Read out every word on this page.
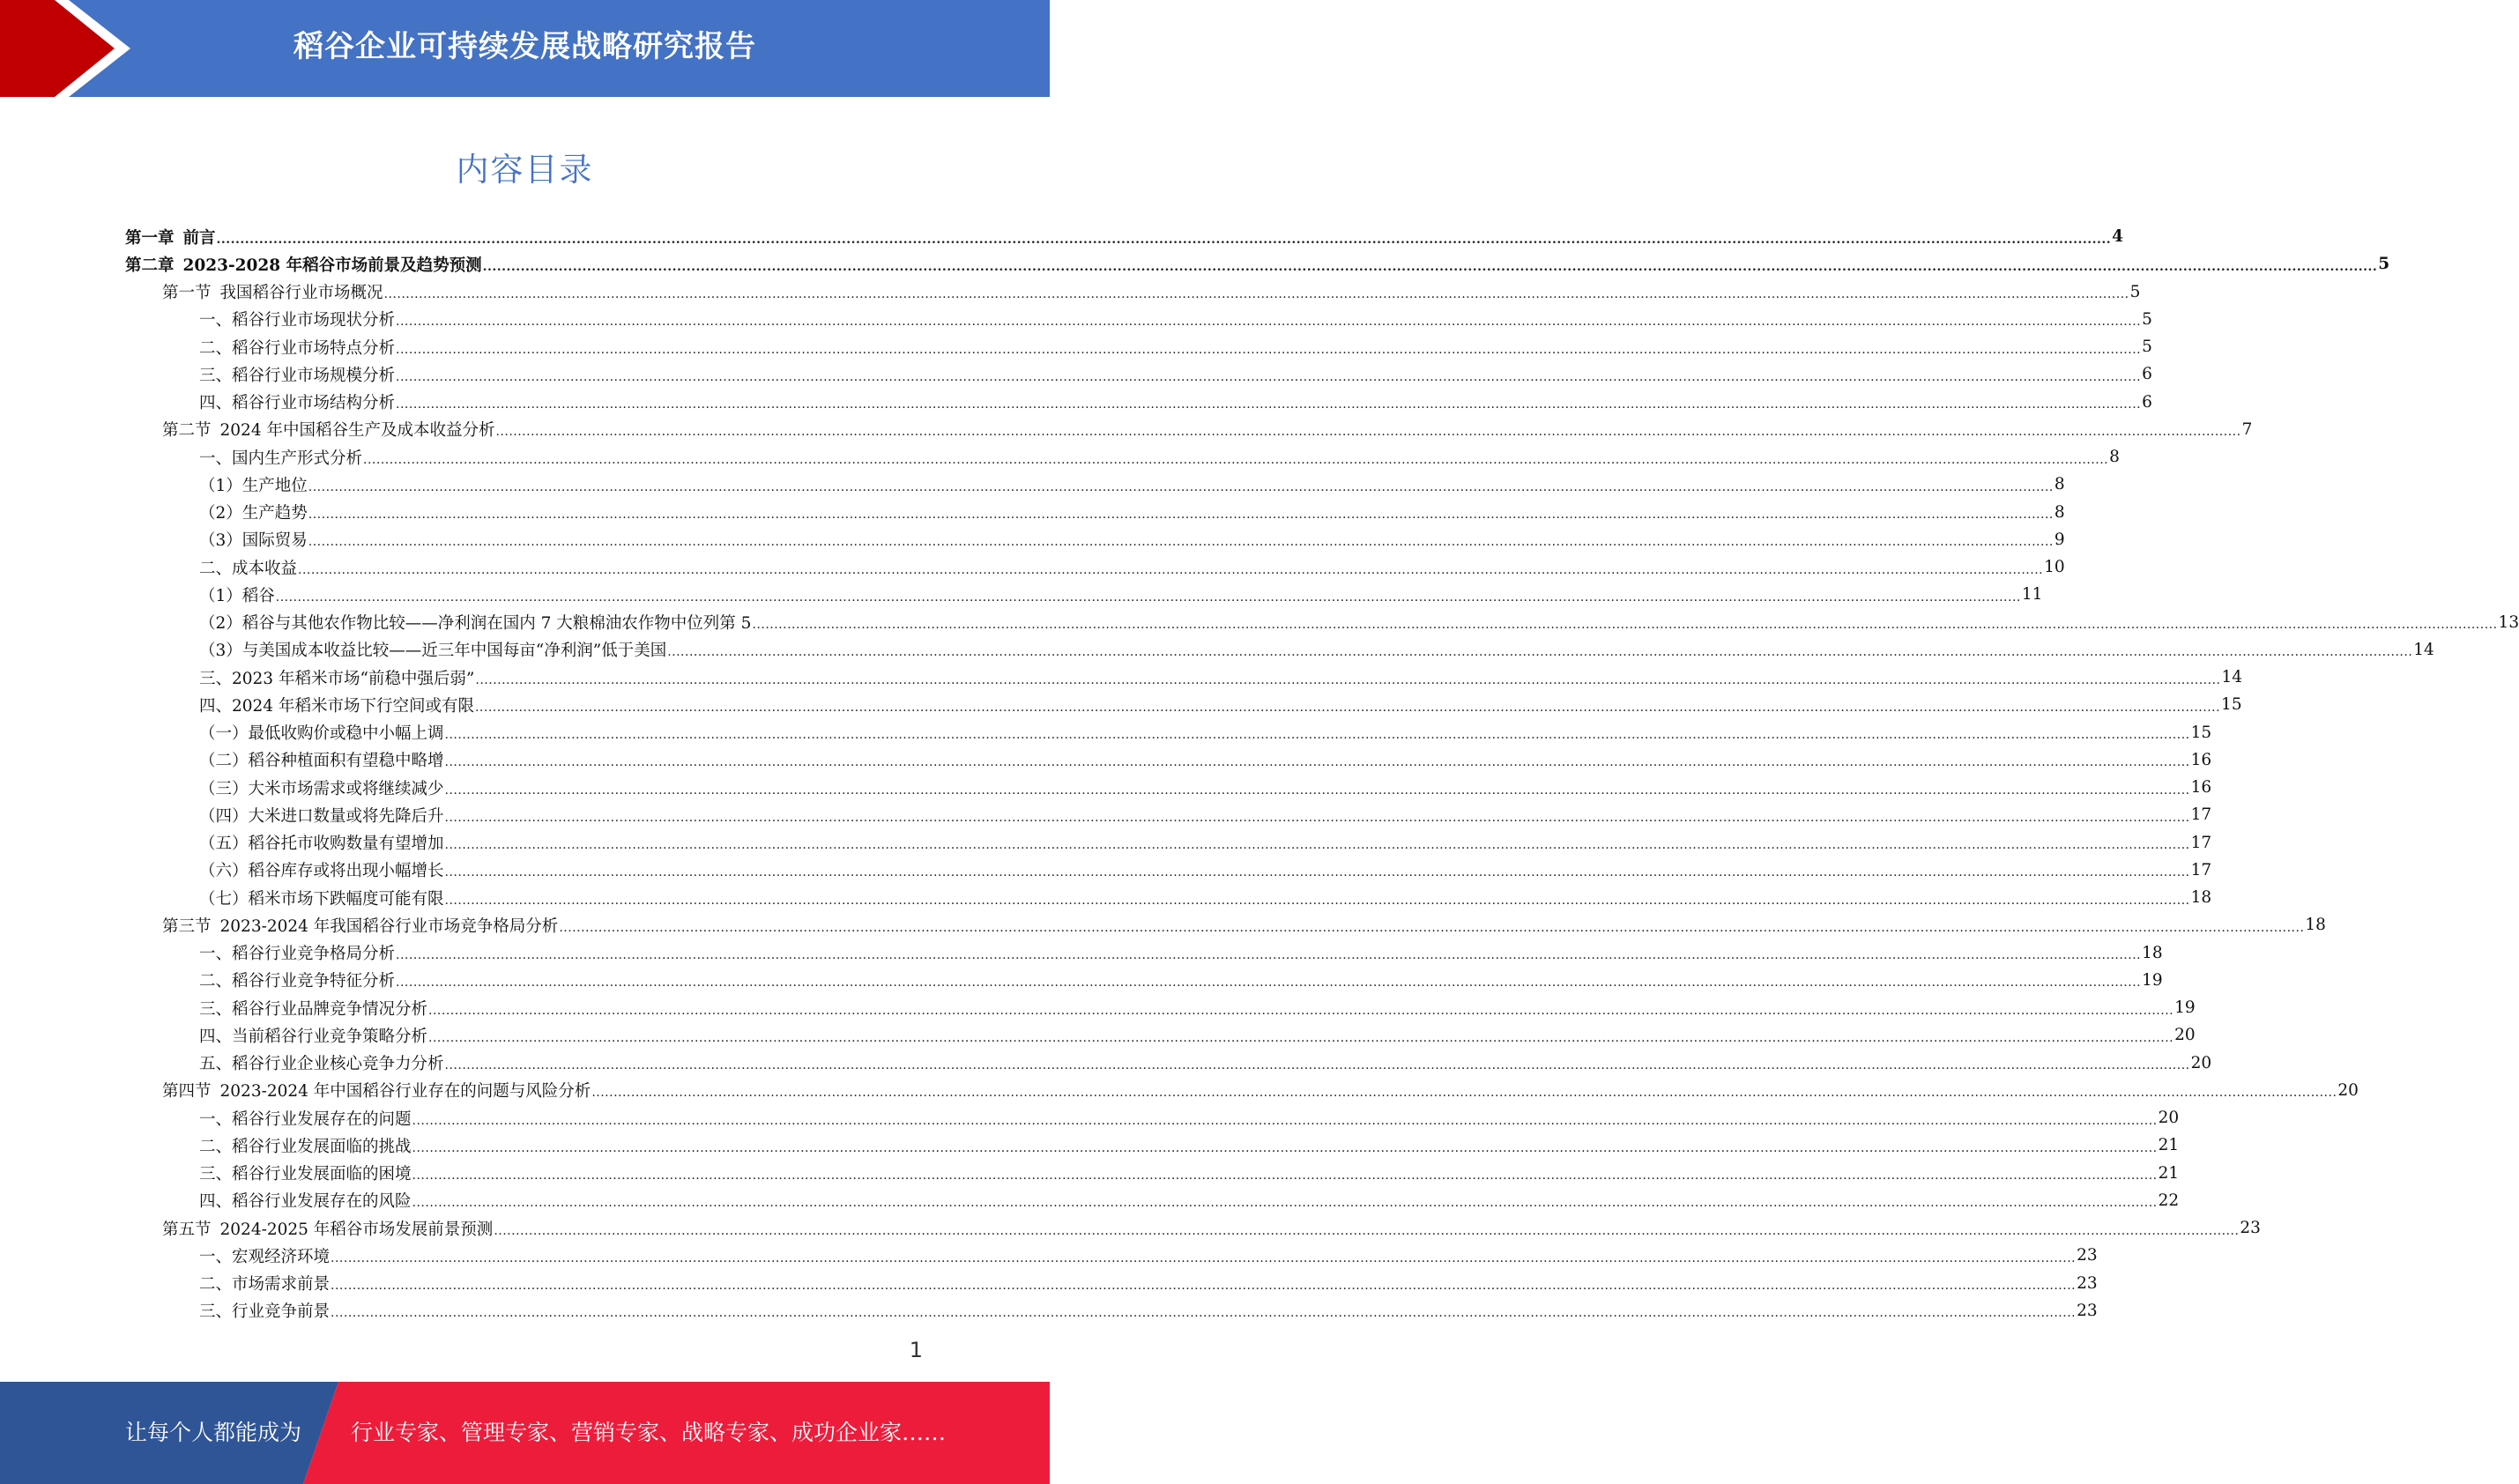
稻谷企业可持续发展战略研究报告
内容目录
第一章 前言 ................................................................................................................................................................................................................................................................................................................................................................................................................ 4
第二章 2023-2028 年稻谷市场前景及趋势预测 ................................................................................................................................................................................................................................................................................................................................................................................................................ 5
第一节 我国稻谷行业市场概况 ................................................................................................................................................................................................................................................................................................................................................................................................................ 5
一、稻谷行业市场现状分析 ................................................................................................................................................................................................................................................................................................................................................................................................................ 5
二、稻谷行业市场特点分析 ................................................................................................................................................................................................................................................................................................................................................................................................................ 5
三、稻谷行业市场规模分析 ................................................................................................................................................................................................................................................................................................................................................................................................................ 6
四、稻谷行业市场结构分析 ................................................................................................................................................................................................................................................................................................................................................................................................................ 6
第二节 2024 年中国稻谷生产及成本收益分析 ................................................................................................................................................................................................................................................................................................................................................................................................................ 7
一、国内生产形式分析 ................................................................................................................................................................................................................................................................................................................................................................................................................ 8
（1）生产地位 ................................................................................................................................................................................................................................................................................................................................................................................................................ 8
（2）生产趋势 ................................................................................................................................................................................................................................................................................................................................................................................................................ 8
（3）国际贸易 ................................................................................................................................................................................................................................................................................................................................................................................................................ 9
二、成本收益 ................................................................................................................................................................................................................................................................................................................................................................................................................ 10
（1）稻谷 ................................................................................................................................................................................................................................................................................................................................................................................................................ 11
（2）稻谷与其他农作物比较——净利润在国内 7 大粮棉油农作物中位列第 5 ................................................................................................................................................................................................................................................................................................................................................................................................................ 13
（3）与美国成本收益比较——近三年中国每亩“净利润”低于美国 ................................................................................................................................................................................................................................................................................................................................................................................................................ 14
三、2023 年稻米市场“前稳中强后弱” ................................................................................................................................................................................................................................................................................................................................................................................................................ 14
四、2024 年稻米市场下行空间或有限 ................................................................................................................................................................................................................................................................................................................................................................................................................ 15
（一）最低收购价或稳中小幅上调 ................................................................................................................................................................................................................................................................................................................................................................................................................ 15
（二）稻谷种植面积有望稳中略增 ................................................................................................................................................................................................................................................................................................................................................................................................................ 16
（三）大米市场需求或将继续减少 ................................................................................................................................................................................................................................................................................................................................................................................................................ 16
（四）大米进口数量或将先降后升 ................................................................................................................................................................................................................................................................................................................................................................................................................ 17
（五）稻谷托市收购数量有望增加 ................................................................................................................................................................................................................................................................................................................................................................................................................ 17
（六）稻谷库存或将出现小幅增长 ................................................................................................................................................................................................................................................................................................................................................................................................................ 17
（七）稻米市场下跌幅度可能有限 ................................................................................................................................................................................................................................................................................................................................................................................................................ 18
第三节 2023-2024 年我国稻谷行业市场竞争格局分析 ................................................................................................................................................................................................................................................................................................................................................................................................................ 18
一、稻谷行业竞争格局分析 ................................................................................................................................................................................................................................................................................................................................................................................................................ 18
二、稻谷行业竞争特征分析 ................................................................................................................................................................................................................................................................................................................................................................................................................ 19
三、稻谷行业品牌竞争情况分析 ................................................................................................................................................................................................................................................................................................................................................................................................................ 19
四、当前稻谷行业竞争策略分析 ................................................................................................................................................................................................................................................................................................................................................................................................................ 20
五、稻谷行业企业核心竞争力分析 ................................................................................................................................................................................................................................................................................................................................................................................................................ 20
第四节 2023-2024 年中国稻谷行业存在的问题与风险分析 ................................................................................................................................................................................................................................................................................................................................................................................................................ 20
一、稻谷行业发展存在的问题 ................................................................................................................................................................................................................................................................................................................................................................................................................ 20
二、稻谷行业发展面临的挑战 ................................................................................................................................................................................................................................................................................................................................................................................................................ 21
三、稻谷行业发展面临的困境 ................................................................................................................................................................................................................................................................................................................................................................................................................ 21
四、稻谷行业发展存在的风险 ................................................................................................................................................................................................................................................................................................................................................................................................................ 22
第五节 2024-2025 年稻谷市场发展前景预测 ................................................................................................................................................................................................................................................................................................................................................................................................................ 23
一、宏观经济环境 ................................................................................................................................................................................................................................................................................................................................................................................................................ 23
二、市场需求前景 ................................................................................................................................................................................................................................................................................................................................................................................................................ 23
三、行业竞争前景 ................................................................................................................................................................................................................................................................................................................................................................................................................ 23
1
让每个人都能成为 行业专家、管理专家、营销专家、战略专家、成功企业家……
